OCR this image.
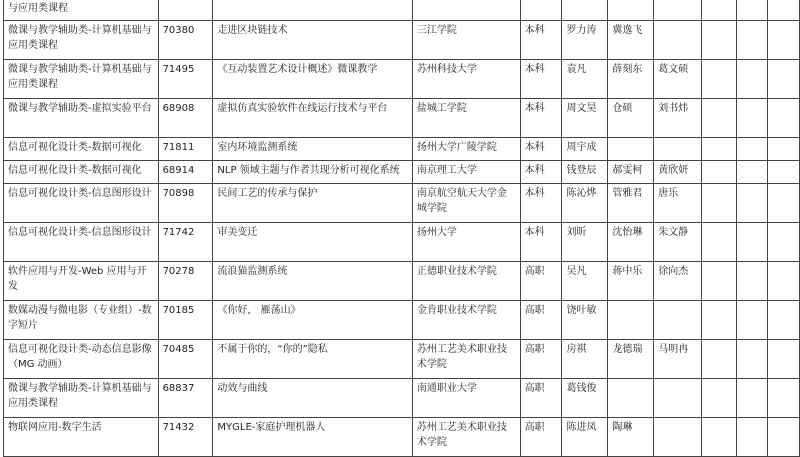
与应用类课程										
微课与教学辅助类-计算机基础与应用类课程	70380	走进区块链技术	三江学院	本科	罗力涛	冀逸飞				
微课与教学辅助类-计算机基础与应用类课程	71495	《互动装置艺术设计概述》微课教学	苏州科技大学	本科	袁凡	薛刻东	葛文硕			
微课与教学辅助类-虚拟实验平台	68908	虚拟仿真实验软件在线运行技术与平台	盐城工学院	本科	周文昊	仓硕	刘书炜			
信息可视化设计类-数据可视化	71811	室内环境监测系统	扬州大学广陵学院	本科	周宇成					
信息可视化设计类-数据可视化	68914	NLP 领域主题与作者共现分析可视化系统	南京理工大学	本科	钱登辰	郝雯柯	黄欣妍			
信息可视化设计类-信息图形设计	70898	民间工艺的传承与保护	南京航空航天大学金城学院	本科	陈沁烨	管雅君	唐乐			
信息可视化设计类-信息图形设计	71742	审美变迁	扬州大学	本科	刘昕	沈怡琳	朱文静			
软件应用与开发-Web 应用与开发	70278	流浪猫监测系统	正德职业技术学院	高职	吴凡	蒋中乐	徐向杰			
数媒动漫与微电影（专业组）-数字短片	70185	《你好， 雁荡山》	金肯职业技术学院	高职	饶叶敏					
信息可视化设计类-动态信息影像（MG 动画）	70485	不属于你的，“你的”隐私	苏州工艺美术职业技术学院	高职	房祺	龙德瑞	马明冉			
微课与教学辅助类-计算机基础与应用类课程	68837	动效与曲线	南通职业大学	高职	葛钱俊					
物联网应用-数字生活	71432	MYGLE-家庭护理机器人	苏州工艺美术职业技术学院	高职	陈进凤	陶琳				
